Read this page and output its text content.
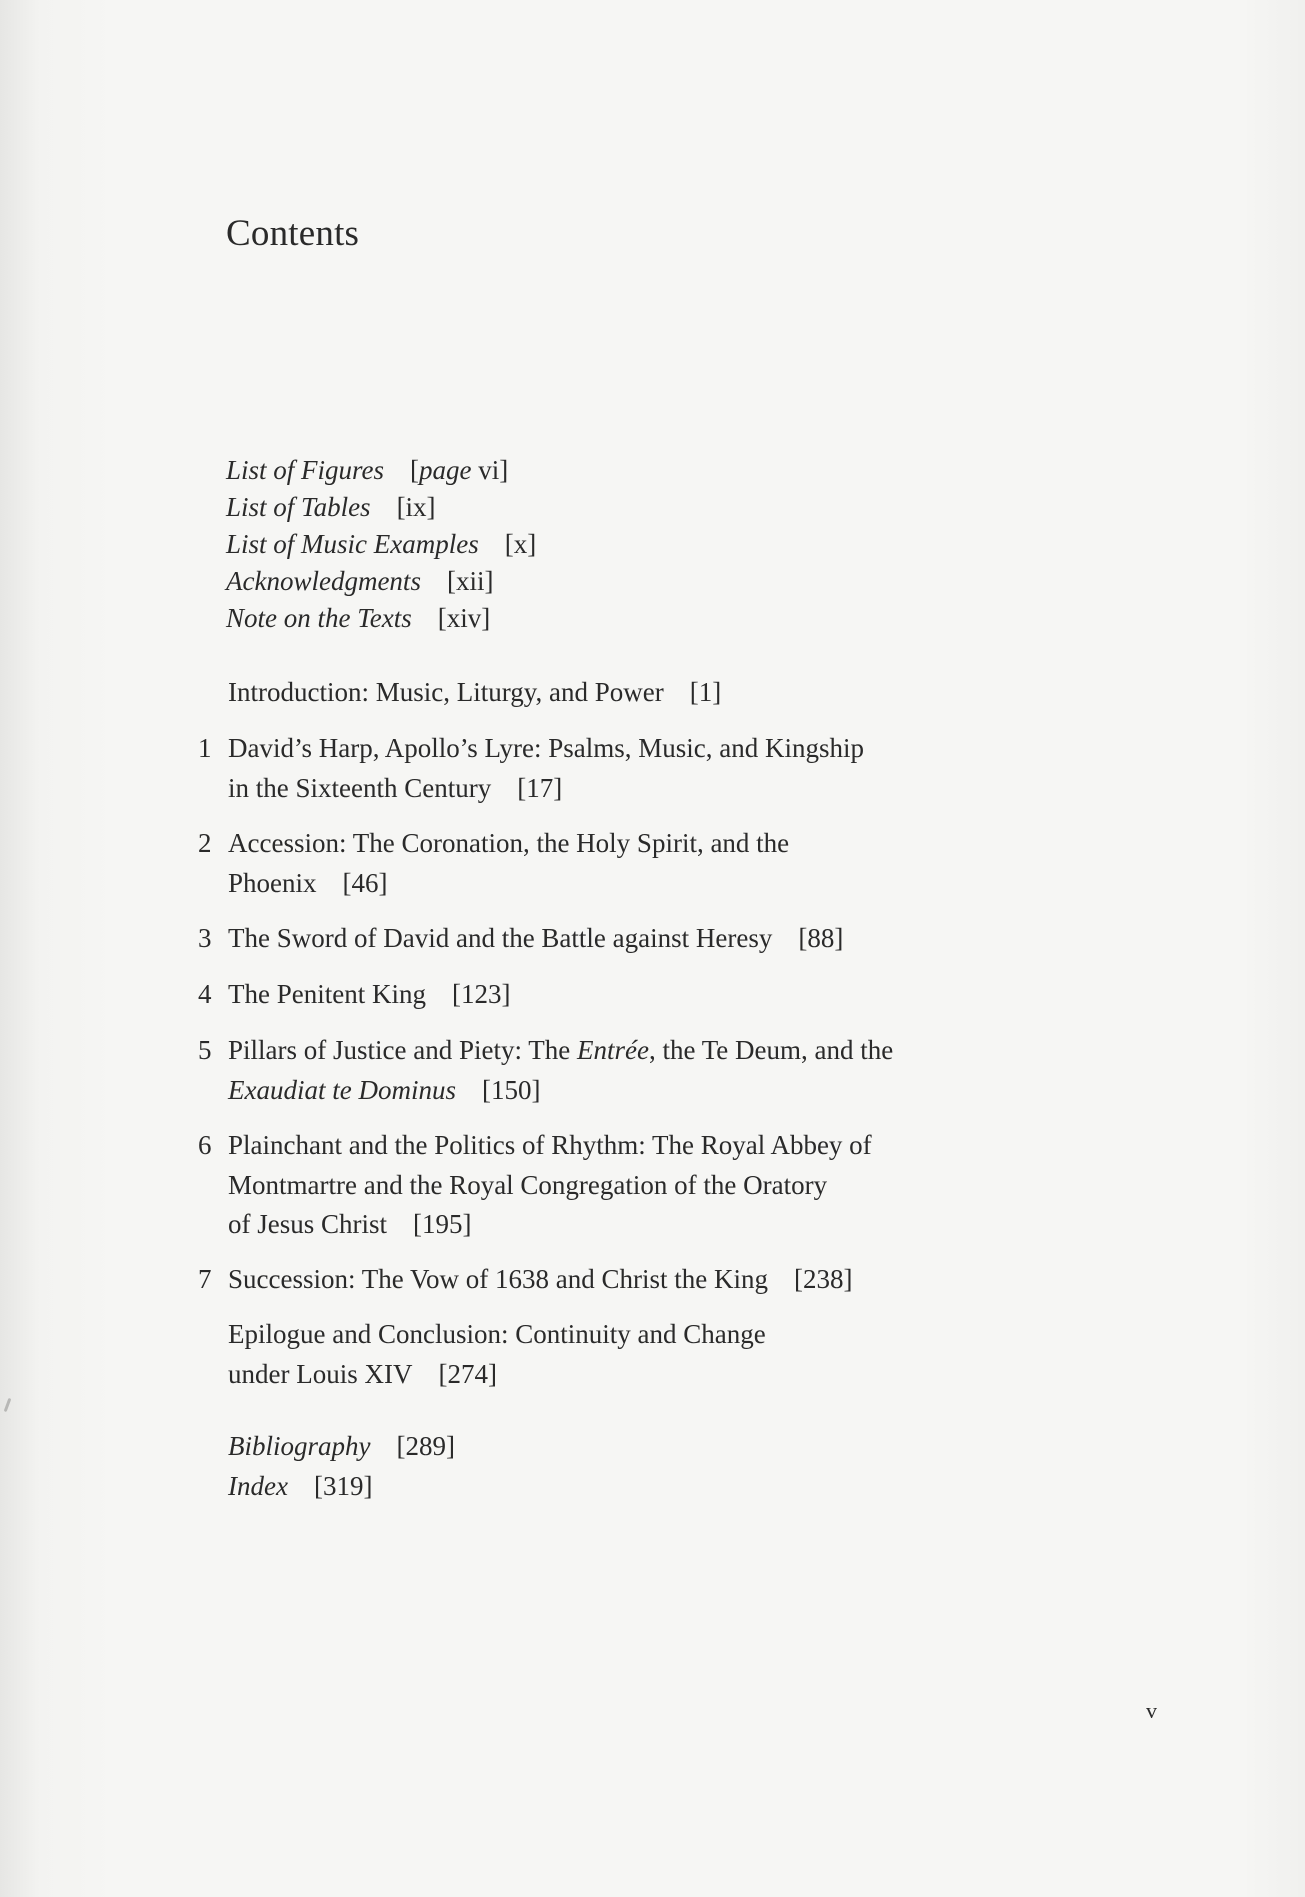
Contents
List of Figures [page vi]
List of Tables [ix]
List of Music Examples [x]
Acknowledgments [xii]
Note on the Texts [xiv]
Introduction: Music, Liturgy, and Power [1]
1 David’s Harp, Apollo’s Lyre: Psalms, Music, and Kingship
in the Sixteenth Century [17]
2 Accession: The Coronation, the Holy Spirit, and the
Phoenix [46]
3 The Sword of David and the Battle against Heresy [88]
4 The Penitent King [123]
5 Pillars of Justice and Piety: The Entrée, the Te Deum, and the
Exaudiat te Dominus [150]
6 Plainchant and the Politics of Rhythm: The Royal Abbey of
Montmartre and the Royal Congregation of the Oratory
of Jesus Christ [195]
7 Succession: The Vow of 1638 and Christ the King [238]
Epilogue and Conclusion: Continuity and Change
under Louis XIV [274]
Bibliography [289]
Index [319]
v
